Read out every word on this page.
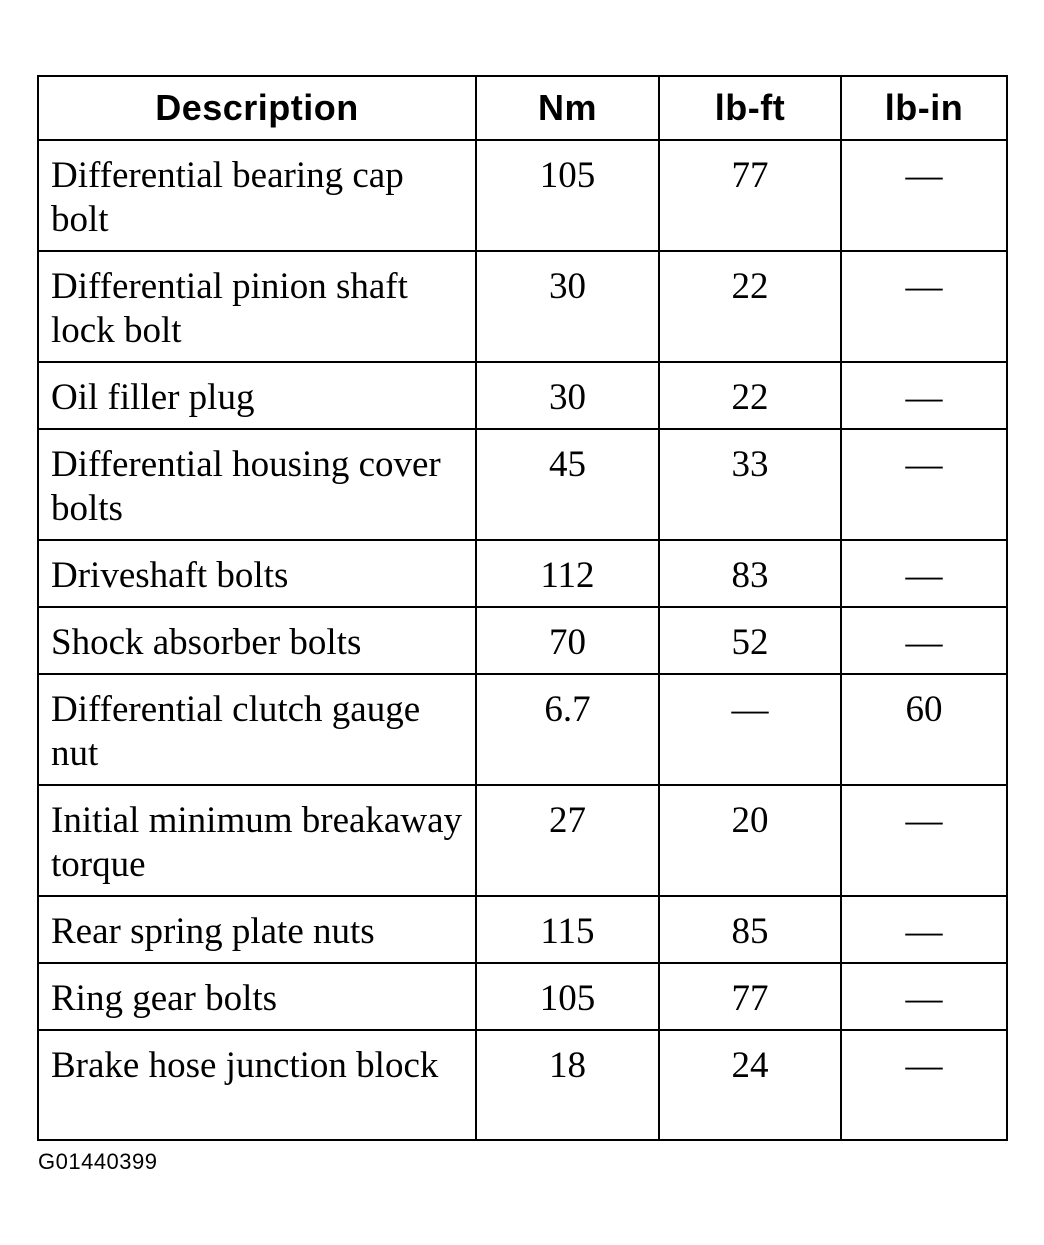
Description	Nm	lb-ft	lb-in
Differential bearing cap bolt	105	77	—
Differential pinion shaft lock bolt	30	22	—
Oil filler plug	30	22	—
Differential housing cover bolts	45	33	—
Driveshaft bolts	112	83	—
Shock absorber bolts	70	52	—
Differential clutch gauge nut	6.7	—	60
Initial minimum breakaway torque	27	20	—
Rear spring plate nuts	115	85	—
Ring gear bolts	105	77	—
Brake hose junction block	18	24	—
G01440399
